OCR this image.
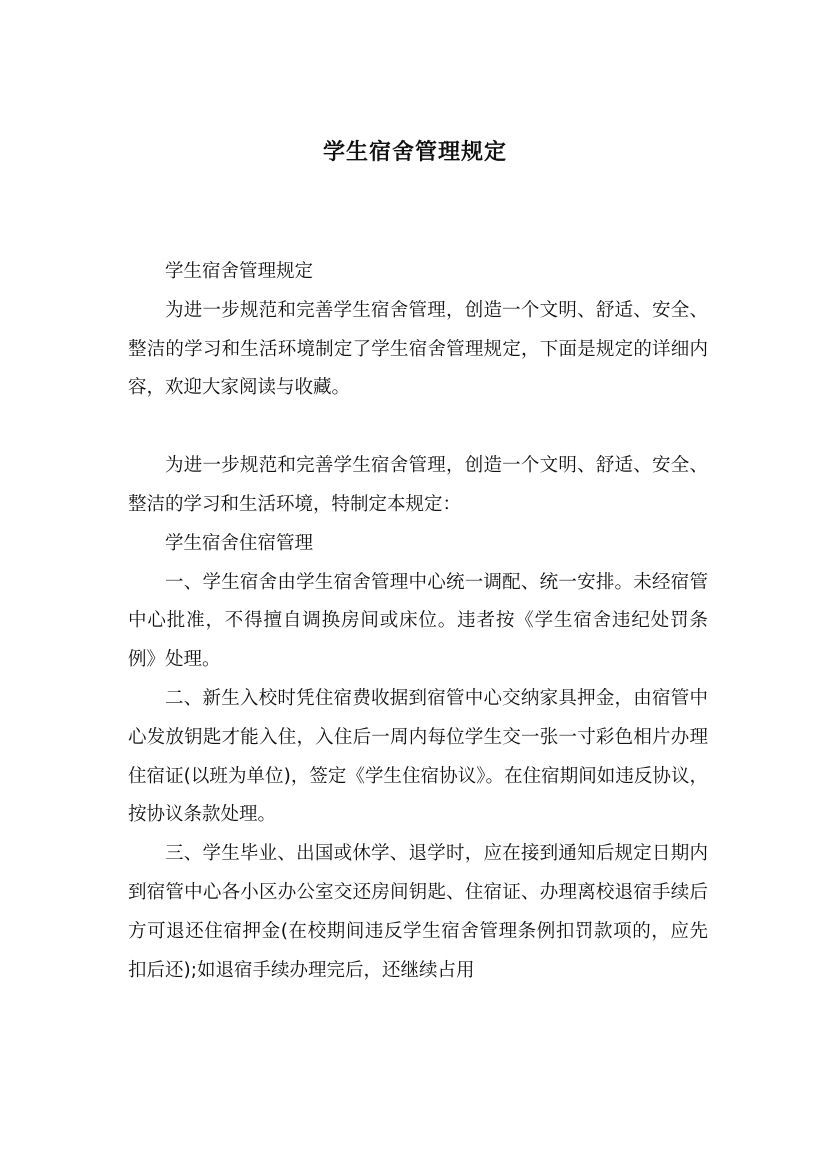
学生宿舍管理规定

学生宿舍管理规定

为进一步规范和完善学生宿舍管理，创造一个文明、舒适、安全、整洁的学习和生活环境制定了学生宿舍管理规定，下面是规定的详细内容，欢迎大家阅读与收藏。

为进一步规范和完善学生宿舍管理，创造一个文明、舒适、安全、整洁的学习和生活环境，特制定本规定：

学生宿舍住宿管理

一、学生宿舍由学生宿舍管理中心统一调配、统一安排。未经宿管中心批准，不得擅自调换房间或床位。违者按《学生宿舍违纪处罚条例》处理。

二、新生入校时凭住宿费收据到宿管中心交纳家具押金，由宿管中心发放钥匙才能入住，入住后一周内每位学生交一张一寸彩色相片办理住宿证(以班为单位)，签定《学生住宿协议》。在住宿期间如违反协议，按协议条款处理。

三、学生毕业、出国或休学、退学时，应在接到通知后规定日期内到宿管中心各小区办公室交还房间钥匙、住宿证、办理离校退宿手续后方可退还住宿押金(在校期间违反学生宿舍管理条例扣罚款项的，应先扣后还);如退宿手续办理完后，还继续占用
